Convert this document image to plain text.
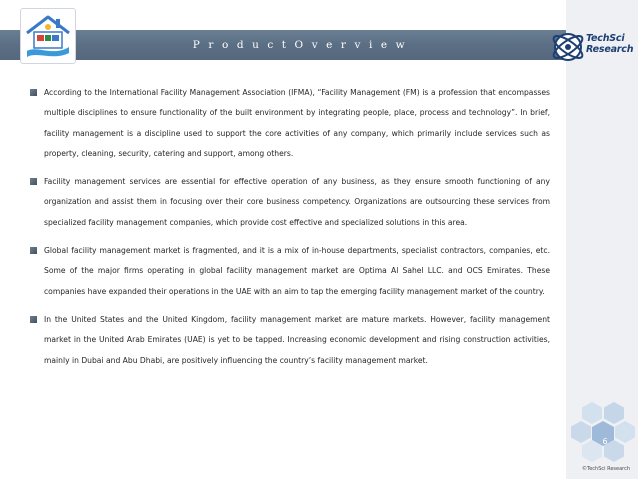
P r o d u c t O v e r v i e w
TechSci
Research

According to the International Facility Management Association (IFMA), “Facility Management (FM) is a profession that encompasses multiple disciplines to ensure functionality of the built environment by integrating people, place, process and technology”. In brief, facility management is a discipline used to support the core activities of any company, which primarily include services such as property, cleaning, security, catering and support, among others.

Facility management services are essential for effective operation of any business, as they ensure smooth functioning of any organization and assist them in focusing over their core business competency. Organizations are outsourcing these services from specialized facility management companies, which provide cost effective and specialized solutions in this area.

Global facility management market is fragmented, and it is a mix of in-house departments, specialist contractors, companies, etc. Some of the major firms operating in global facility management market are Optima Al Sahel LLC. and OCS Emirates. These companies have expanded their operations in the UAE with an aim to tap the emerging facility management market of the country.

In the United States and the United Kingdom, facility management market are mature markets. However, facility management market in the United Arab Emirates (UAE) is yet to be tapped. Increasing economic development and rising construction activities, mainly in Dubai and Abu Dhabi, are positively influencing the country’s facility management market.

6
©TechSci Research
